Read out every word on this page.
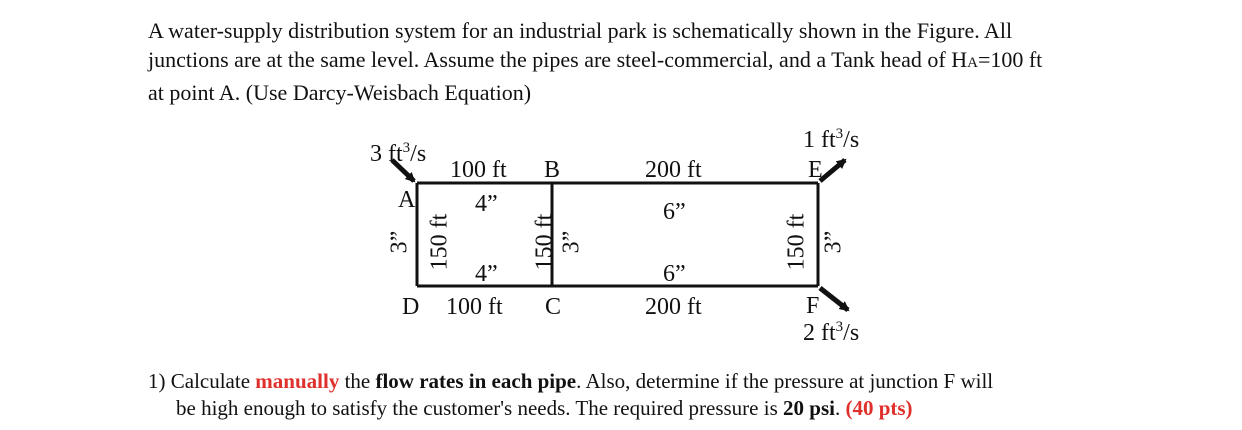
A water-supply distribution system for an industrial park is schematically shown in the Figure. All
junctions are at the same level. Assume the pipes are steel-commercial, and a Tank head of HA=100 ft
at point A. (Use Darcy-Weisbach Equation)

3 $ft^3/s$
1 $ft^3/s$
2 $ft^3/s$
A
B
C
D
E
F
100 ft
4”
200 ft
6”
4”
100 ft
6”
200 ft
3” 150 ft	150 ft 3”	150 ft 3”

1) Calculate manually the flow rates in each pipe. Also, determine if the pressure at junction F will
be high enough to satisfy the customer's needs. The required pressure is 20 psi. (40 pts)
